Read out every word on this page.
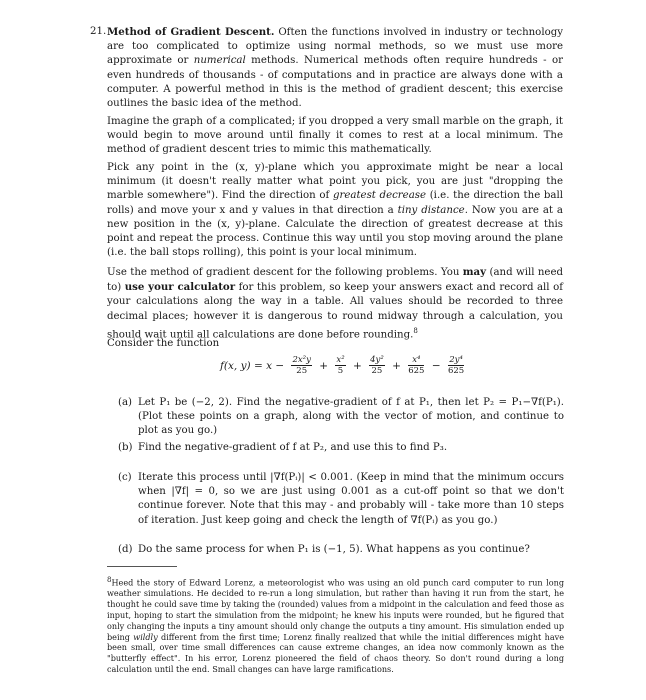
21. Method of Gradient Descent. Often the functions involved in industry or technology are too complicated to optimize using normal methods, so we must use more approximate or numerical methods. Numerical methods often require hundreds - or even hundreds of thousands - of computations and in practice are always done with a computer. A powerful method in this is the method of gradient descent; this exercise outlines the basic idea of the method.
Imagine the graph of a complicated; if you dropped a very small marble on the graph, it would begin to move around until finally it comes to rest at a local minimum. The method of gradient descent tries to mimic this mathematically.
Pick any point in the (x, y)-plane which you approximate might be near a local minimum (it doesn't really matter what point you pick, you are just "dropping the marble somewhere"). Find the direction of greatest decrease (i.e. the direction the ball rolls) and move your x and y values in that direction a tiny distance. Now you are at a new position in the (x, y)-plane. Calculate the direction of greatest decrease at this point and repeat the process. Continue this way until you stop moving around the plane (i.e. the ball stops rolling), this point is your local minimum.
Use the method of gradient descent for the following problems. You may (and will need to) use your calculator for this problem, so keep your answers exact and record all of your calculations along the way in a table. All values should be recorded to three decimal places; however it is dangerous to round midway through a calculation, you should wait until all calculations are done before rounding.$^8$
Consider the function
f(x, $y) = x - \frac{\text{2x²y}}{25} + \frac{\text{x²}}{5} + \frac{\text{4y²}}{25} + \frac{\text{x⁴}}{625} - \frac{\text{2y⁴}}{625}$
(a) Let P₁ be (−2, 2). Find the negative-gradient of f at P₁, then let P₂ = P₁−∇f(P₁). (Plot these points on a graph, along with the vector of motion, and continue to plot as you go.)
(b) Find the negative-gradient of f at P₂, and use this to find P₃.
(c) Iterate this process until |∇f(Pᵢ)| < 0.001. (Keep in mind that the minimum occurs when |∇f| = 0, so we are just using 0.001 as a cut-off point so that we don't continue forever. Note that this may - and probably will - take more than 10 steps of iteration. Just keep going and check the length of ∇f(Pᵢ) as you go.)
(d) Do the same process for when P₁ is (−1, 5). What happens as you continue?
$^8$Heed the story of Edward Lorenz, a meteorologist who was using an old punch card computer to run long weather simulations. He decided to re-run a long simulation, but rather than having it run from the start, he thought he could save time by taking the (rounded) values from a midpoint in the calculation and feed those as input, hoping to start the simulation from the midpoint; he knew his inputs were rounded, but he figured that only changing the inputs a tiny amount should only change the outputs a tiny amount. His simulation ended up being wildly different from the first time; Lorenz finally realized that while the initial differences might have been small, over time small differences can cause extreme changes, an idea now commonly known as the "butterfly effect". In his error, Lorenz pioneered the field of chaos theory. So don't round during a long calculation until the end. Small changes can have large ramifications.
